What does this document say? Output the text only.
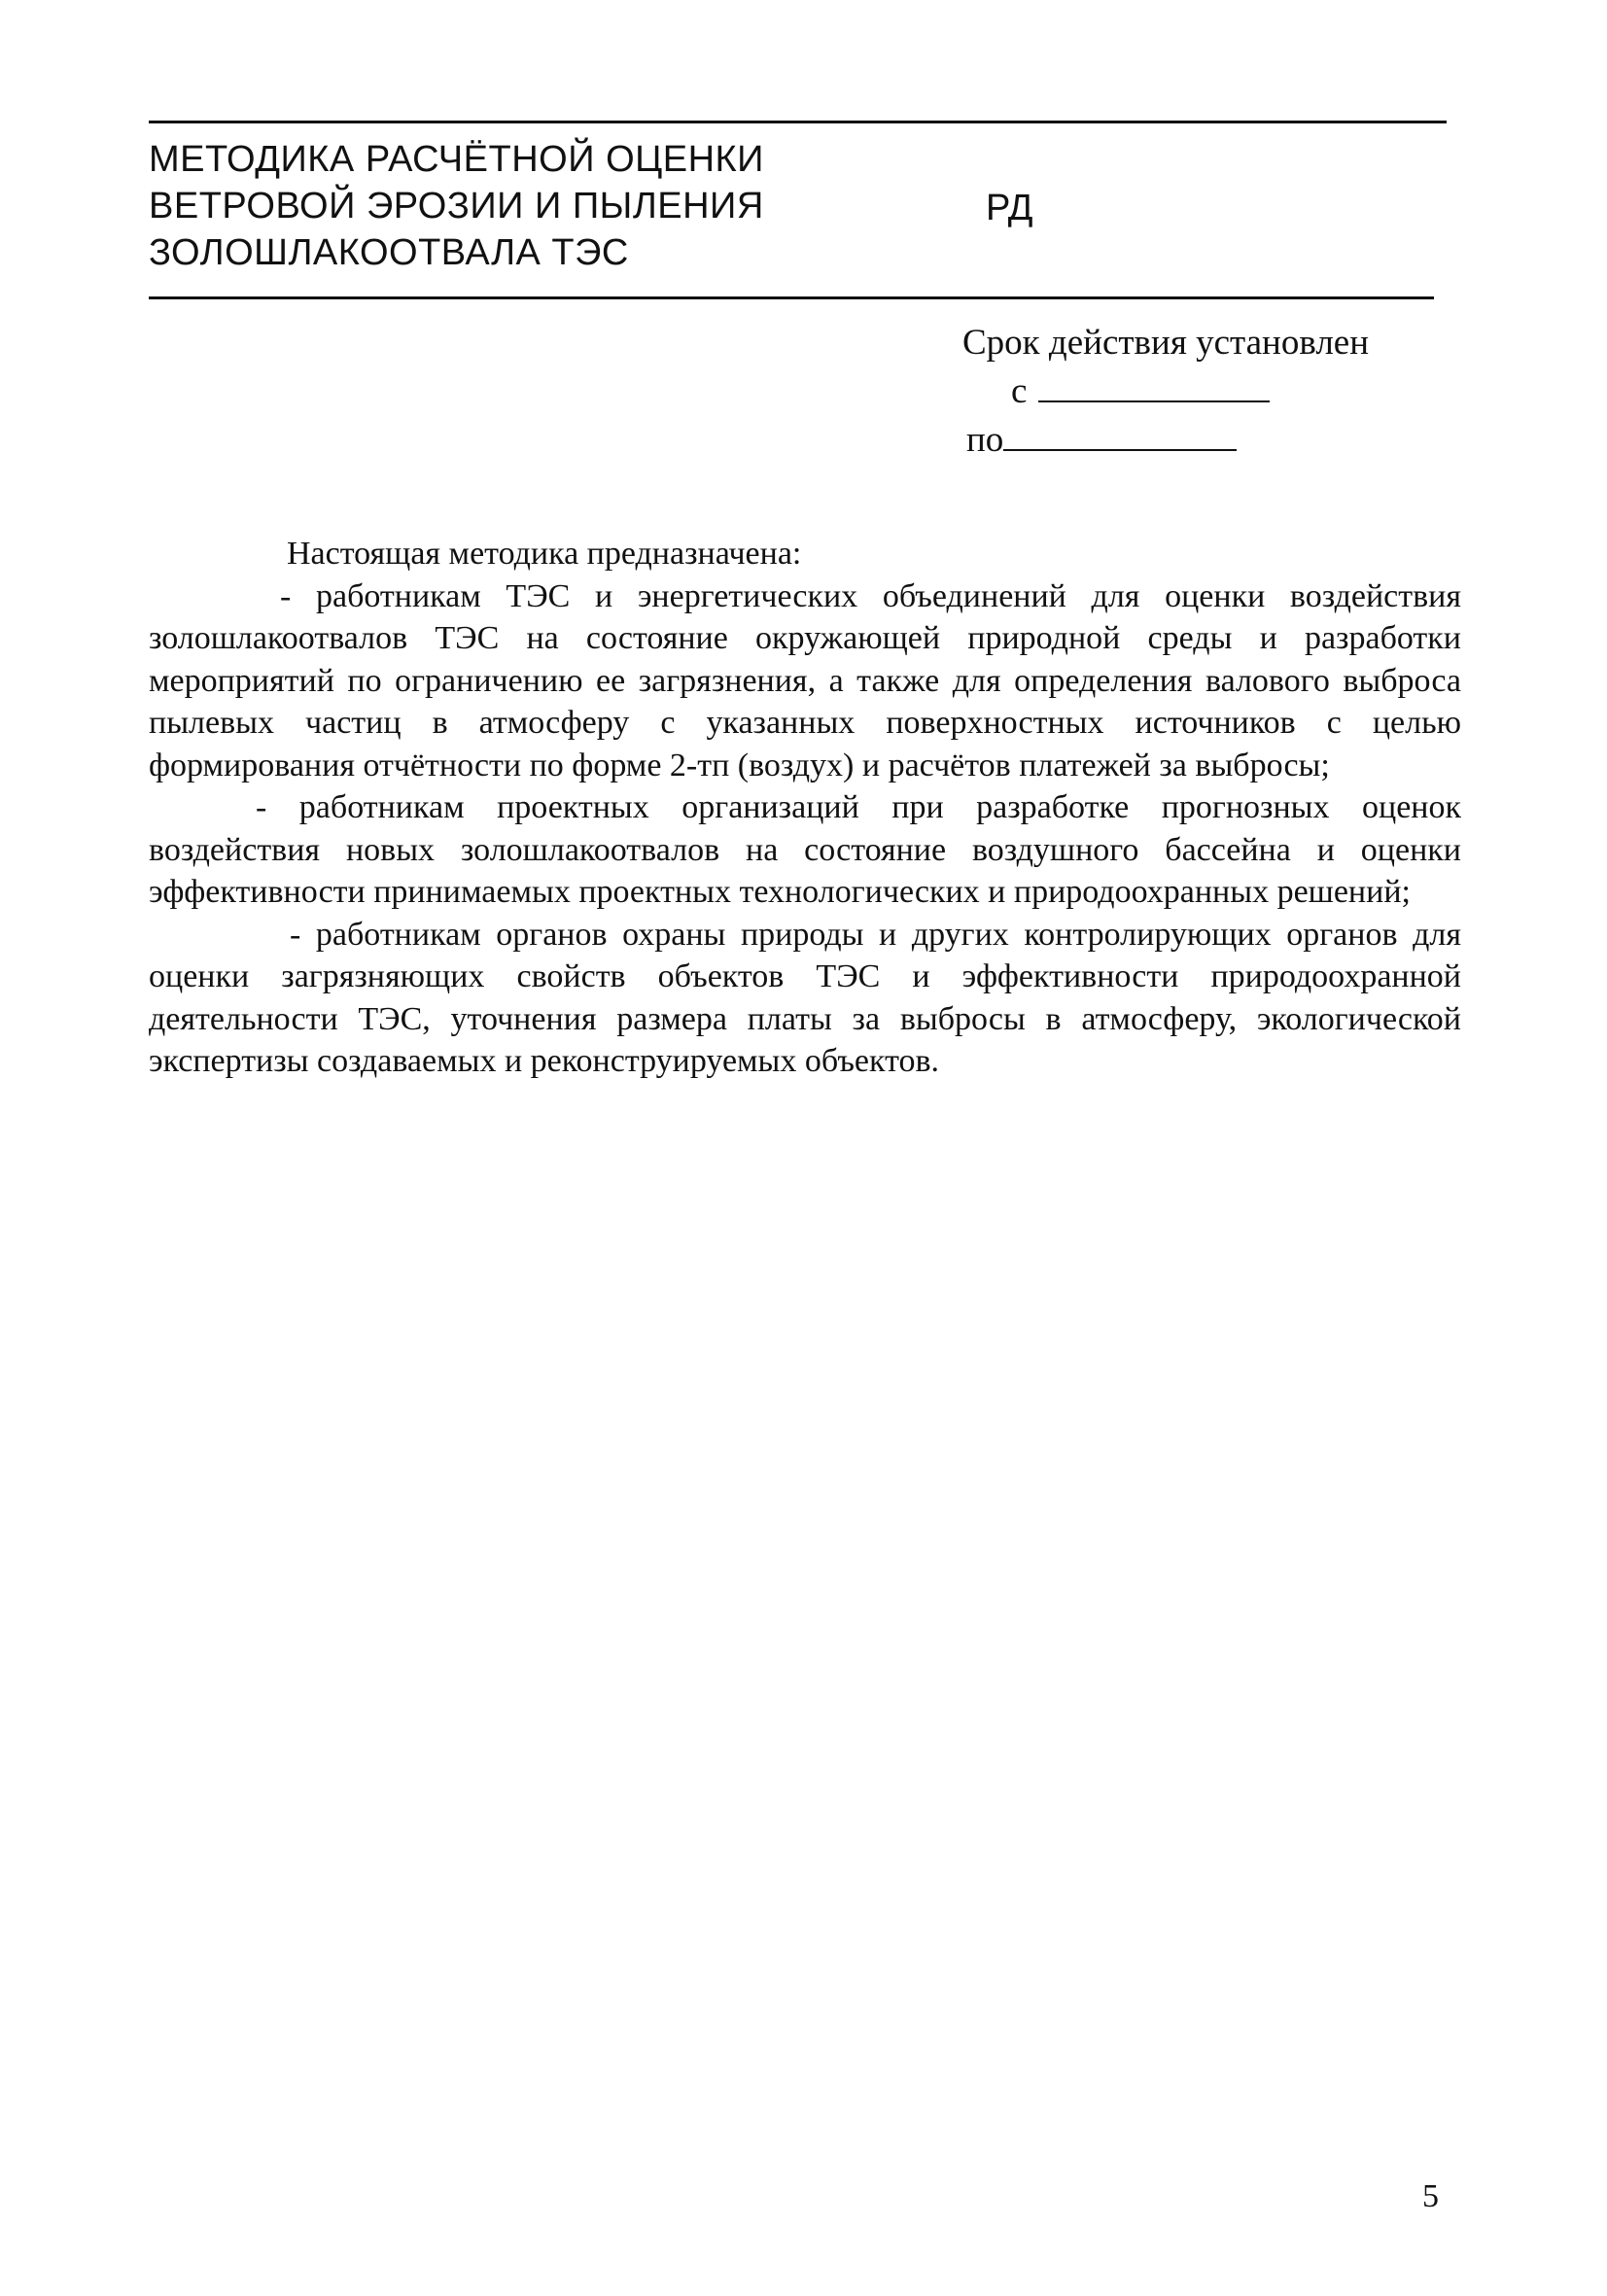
МЕТОДИКА РАСЧЁТНОЙ ОЦЕНКИ
ВЕТРОВОЙ ЭРОЗИИ И ПЫЛЕНИЯ
ЗОЛОШЛАКООТВАЛА ТЭС
РД
Срок действия установлен
с
по
Настоящая методика предназначена:
- работникам ТЭС и энергетических объединений для оценки воздействия золошлакоотвалов ТЭС на состояние окружающей природной среды и разработки мероприятий по ограничению ее загрязнения, а также для определения валового выброса пылевых частиц в атмосферу с указанных поверхностных источников с целью формирования отчётности по форме 2-тп (воздух) и расчётов платежей за выбросы;
- работникам проектных организаций при разработке прогнозных оценок воздействия новых золошлакоотвалов на состояние воздушного бассейна и оценки эффективности принимаемых проектных технологических и природоохранных решений;
- работникам органов охраны природы и других контролирующих органов для оценки загрязняющих свойств объектов ТЭС и эффективности природоохранной деятельности ТЭС, уточнения размера платы за выбросы в атмосферу, экологической экспертизы создаваемых и реконструируемых объектов.
5
